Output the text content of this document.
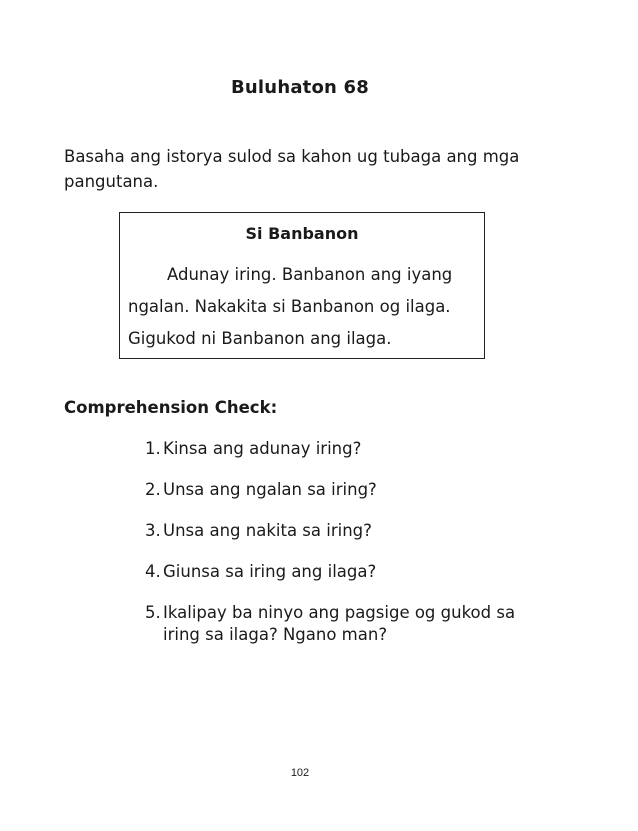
Buluhaton 68
Basaha ang istorya sulod sa kahon ug tubaga ang mga pangutana.
Si Banbanon
Adunay iring. Banbanon ang iyang
ngalan. Nakakita si Banbanon og ilaga.
Gigukod ni Banbanon ang ilaga.
Comprehension Check:
1. Kinsa ang adunay iring?
2. Unsa ang ngalan sa iring?
3. Unsa ang nakita sa iring?
4. Giunsa sa iring ang ilaga?
5. Ikalipay ba ninyo ang pagsige og gukod sa iring sa ilaga? Ngano man?
102
